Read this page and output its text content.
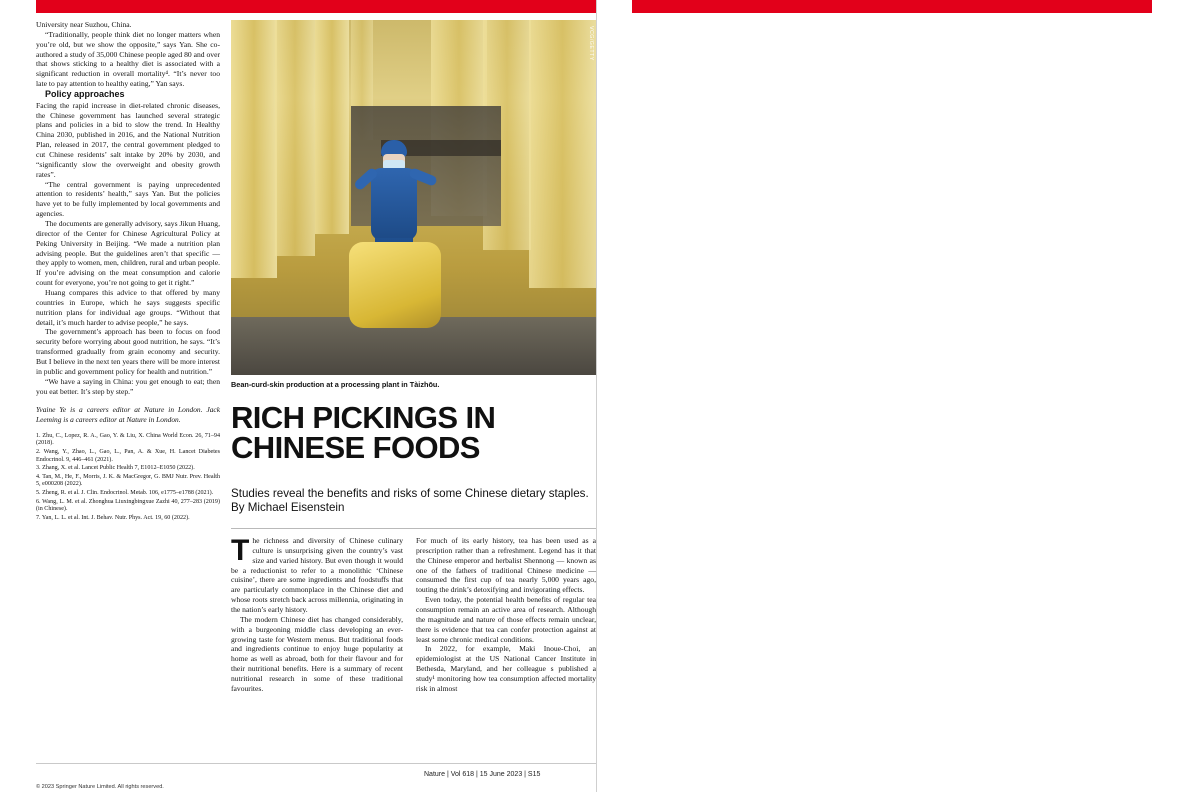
University near Suzhou, China.

“Traditionally, people think diet no longer matters when you’re old, but we show the opposite,” says Yan. She co-authored a study of 35,000 Chinese people aged 80 and over that shows sticking to a healthy diet is associated with a significant reduction in overall mortality⁴. “It’s never too late to pay attention to healthy eating,” Yan says.

Policy approaches

Facing the rapid increase in diet-related chronic diseases, the Chinese government has launched several strategic plans and policies in a bid to slow the trend. In Healthy China 2030, published in 2016, and the National Nutrition Plan, released in 2017, the central government pledged to cut Chinese residents’ salt intake by 20% by 2030, and “significantly slow the overweight and obesity growth rates”.

“The central government is paying unprecedented attention to residents’ health,” says Yan. But the policies have yet to be fully implemented by local governments and agencies.

The documents are generally advisory, says Jikun Huang, director of the Center for Chinese Agricultural Policy at Peking University in Beijing. “We made a nutrition plan advising people. But the guidelines aren’t that specific — they apply to women, men, children, rural and urban people. If you’re advising on the meat consumption and calorie count for everyone, you’re not going to get it right.”

Huang compares this advice to that offered by many countries in Europe, which he says suggests specific nutrition plans for individual age groups. “Without that detail, it’s much harder to advise people,” he says.

The government’s approach has been to focus on food security before worrying about good nutrition, he says. “It’s transformed gradually from grain economy and security. But I believe in the next ten years there will be more interest in public and government policy for health and nutrition.”

“We have a saying in China: you get enough to eat; then you eat better. It’s step by step.”

Yvaine Ye is a careers editor at Nature in London. Jack Leeming is a careers editor at Nature in London.

1. Zhu, C., Lopez, R. A., Gao, Y. & Liu, X. China World Econ. 26, 71–94 (2018).
2. Wang, Y., Zhao, L., Gao, L., Pan, A. & Xue, H. Lancet Diabetes Endocrinol. 9, 446–461 (2021).
3. Zhang, X. et al. Lancet Public Health 7, E1012–E1050 (2022).
4. Tan, M., He, F., Morris, J. K. & MacGregor, G. BMJ Nutr. Prev. Health 5, e000208 (2022).
5. Zheng, R. et al. J. Clin. Endocrinol. Metab. 106, e1775–e1788 (2021).
6. Wang, L. M. et al. Zhonghua Liuxingbingxue Zazhi 40, 277–283 (2019) (in Chinese).
7. Yan, L. L. et al. Int. J. Behav. Nutr. Phys. Act. 19, 60 (2022).
VCG/GETTY
Bean-curd-skin production at a processing plant in Tàizhōu.
RICH PICKINGS IN CHINESE FOODS
Studies reveal the benefits and risks of some Chinese dietary staples. By Michael Eisenstein

The richness and diversity of Chinese culinary culture is unsurprising given the country’s vast size and varied history. But even though it would be a reductionist to refer to a monolithic ‘Chinese cuisine’, there are some ingredients and foodstuffs that are particularly commonplace in the Chinese diet and whose roots stretch back across millennia, originating in the nation’s early history.

The modern Chinese diet has changed considerably, with a burgeoning middle class developing an ever-growing taste for Western menus. But traditional foods and ingredients continue to enjoy huge popularity at home as well as abroad, both for their flavour and for their nutritional benefits. Here is a summary of recent nutritional research in some of these traditional favourites.

For much of its early history, tea has been used as a prescription rather than a refreshment. Legend has it that the Chinese emperor and herbalist Shennong — known as one of the fathers of traditional Chinese medicine — consumed the first cup of tea nearly 5,000 years ago, touting the drink’s detoxifying and invigorating effects.

Even today, the potential health benefits of regular tea consumption remain an active area of research. Although the magnitude and nature of those effects remain unclear, there is evidence that tea can confer protection against at least some chronic medical conditions.

In 2022, for example, Maki Inoue-Choi, an epidemiologist at the US National Cancer Institute in Bethesda, Maryland, and her colleague s published a study¹ monitoring how tea consumption affected mortality risk in almost

Nature | Vol 618 | 15 June 2023 | S15
© 2023 Springer Nature Limited. All rights reserved.
